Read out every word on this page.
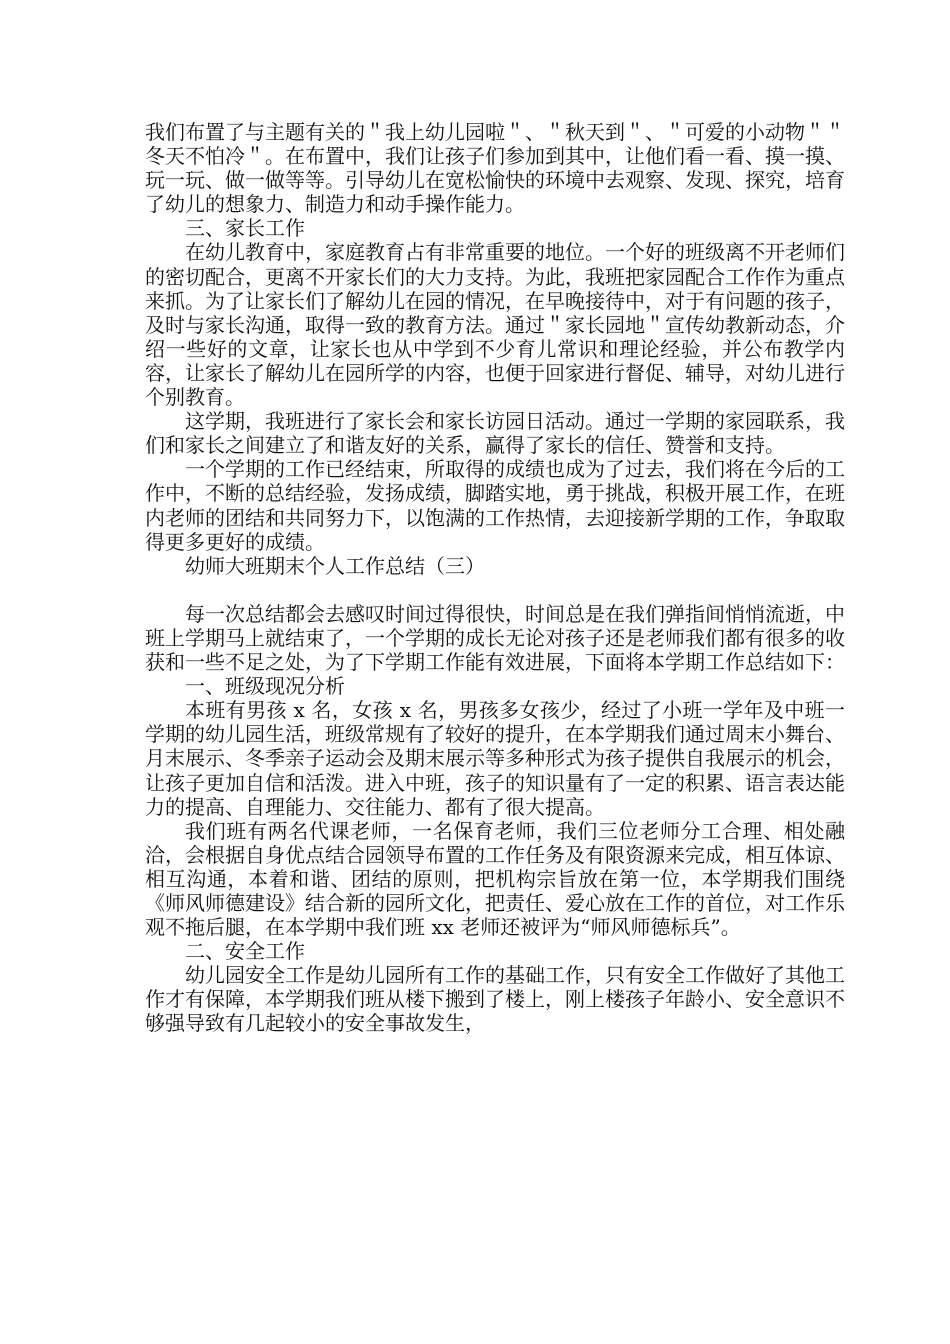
我们布置了与主题有关的＂我上幼儿园啦＂、＂秋天到＂、＂可爱的小动物＂＂冬天不怕冷＂。在布置中，我们让孩子们参加到其中，让他们看一看、摸一摸、玩一玩、做一做等等。引导幼儿在宽松愉快的环境中去观察、发现、探究，培育了幼儿的想象力、制造力和动手操作能力。

三、家长工作

在幼儿教育中，家庭教育占有非常重要的地位。一个好的班级离不开老师们的密切配合，更离不开家长们的大力支持。为此，我班把家园配合工作作为重点来抓。为了让家长们了解幼儿在园的情况，在早晚接待中，对于有问题的孩子，及时与家长沟通，取得一致的教育方法。通过＂家长园地＂宣传幼教新动态，介绍一些好的文章，让家长也从中学到不少育儿常识和理论经验，并公布教学内容，让家长了解幼儿在园所学的内容，也便于回家进行督促、辅导，对幼儿进行个别教育。

这学期，我班进行了家长会和家长访园日活动。通过一学期的家园联系，我们和家长之间建立了和谐友好的关系，赢得了家长的信任、赞誉和支持。

一个学期的工作已经结束，所取得的成绩也成为了过去，我们将在今后的工作中，不断的总结经验，发扬成绩，脚踏实地，勇于挑战，积极开展工作，在班内老师的团结和共同努力下，以饱满的工作热情，去迎接新学期的工作，争取取得更多更好的成绩。

幼师大班期末个人工作总结（三）

每一次总结都会去感叹时间过得很快，时间总是在我们弹指间悄悄流逝，中班上学期马上就结束了，一个学期的成长无论对孩子还是老师我们都有很多的收获和一些不足之处，为了下学期工作能有效进展，下面将本学期工作总结如下：

一、班级现况分析

本班有男孩 x 名，女孩 x 名，男孩多女孩少，经过了小班一学年及中班一学期的幼儿园生活，班级常规有了较好的提升，在本学期我们通过周末小舞台、月末展示、冬季亲子运动会及期末展示等多种形式为孩子提供自我展示的机会，让孩子更加自信和活泼。进入中班，孩子的知识量有了一定的积累、语言表达能力的提高、自理能力、交往能力、都有了很大提高。

我们班有两名代课老师，一名保育老师，我们三位老师分工合理、相处融洽，会根据自身优点结合园领导布置的工作任务及有限资源来完成，相互体谅、相互沟通，本着和谐、团结的原则，把机构宗旨放在第一位，本学期我们围绕《师风师德建设》结合新的园所文化，把责任、爱心放在工作的首位，对工作乐观不拖后腿，在本学期中我们班 xx 老师还被评为“师风师德标兵”。

二、安全工作

幼儿园安全工作是幼儿园所有工作的基础工作，只有安全工作做好了其他工作才有保障，本学期我们班从楼下搬到了楼上，刚上楼孩子年龄小、安全意识不够强导致有几起较小的安全事故发生，
